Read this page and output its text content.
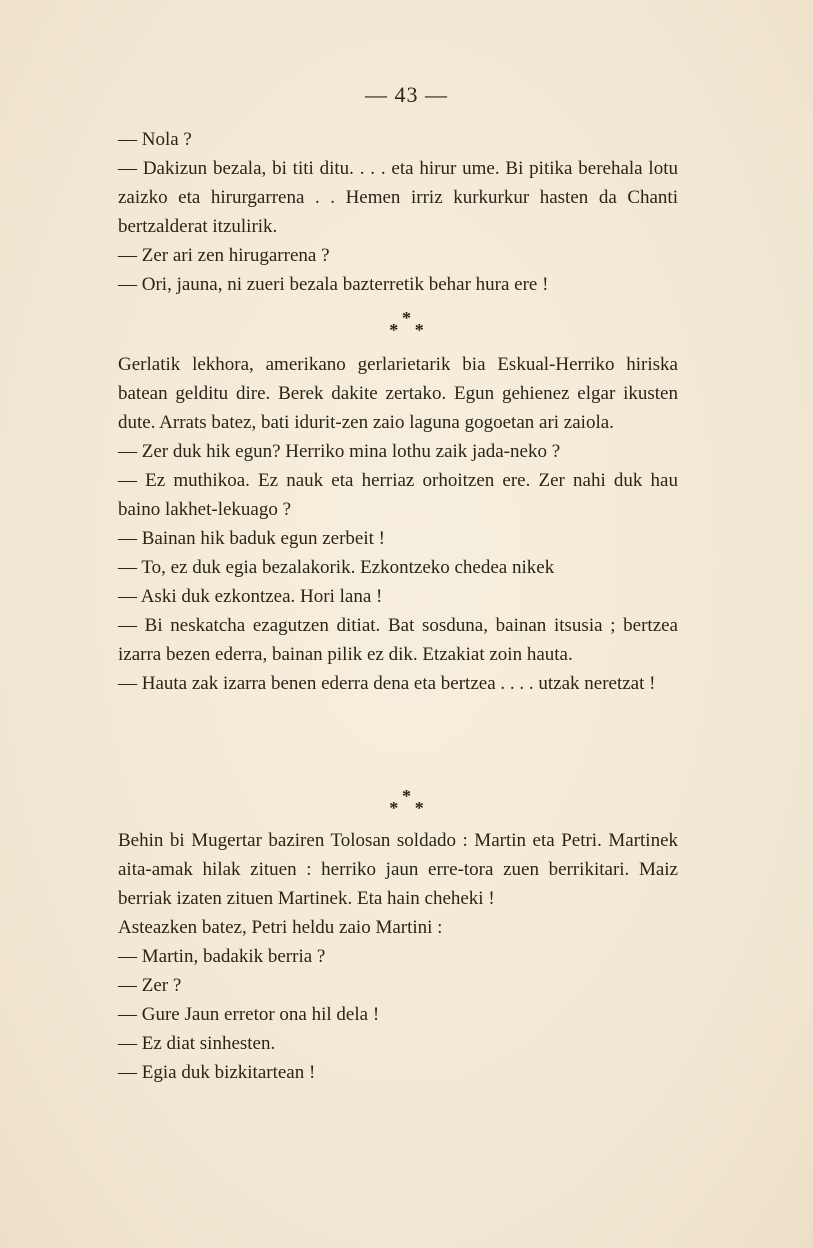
— 43 —

— Nola ?

— Dakizun bezala, bi titi ditu. . . . eta hirur ume. Bi pitika berehala lotu zaizko eta hirurgarrena . . Hemen irriz kurkurkur hasten da Chanti bertzalderat itzulirik.

— Zer ari zen hirugarrena ?

— Ori, jauna, ni zueri bezala bazterretik behar hura ere !

*
* *

Gerlatik lekhora, amerikano gerlarietarik bia Eskual-Herriko hiriska batean gelditu dire. Berek dakite zertako. Egun gehienez elgar ikusten dute. Arrats batez, bati idurit-zen zaio laguna gogoetan ari zaiola.

— Zer duk hik egun? Herriko mina lothu zaik jada-neko ?

— Ez muthikoa. Ez nauk eta herriaz orhoitzen ere. Zer nahi duk hau baino lakhet-lekuago ?

— Bainan hik baduk egun zerbeit !

— To, ez duk egia bezalakorik. Ezkontzeko chedea nikek

— Aski duk ezkontzea. Hori lana !

— Bi neskatcha ezagutzen ditiat. Bat sosduna, bainan itsusia ; bertzea izarra bezen ederra, bainan pilik ez dik. Etzakiat zoin hauta.

— Hauta zak izarra benen ederra dena eta bertzea . . . . utzak neretzat !

*
* *

Behin bi Mugertar baziren Tolosan soldado : Martin eta Petri. Martinek aita-amak hilak zituen : herriko jaun erre-tora zuen berrikitari. Maiz berriak izaten zituen Martinek. Eta hain cheheki !

Asteazken batez, Petri heldu zaio Martini :

— Martin, badakik berria ?

— Zer ?

— Gure Jaun erretor ona hil dela !

— Ez diat sinhesten.

— Egia duk bizkitartean !
